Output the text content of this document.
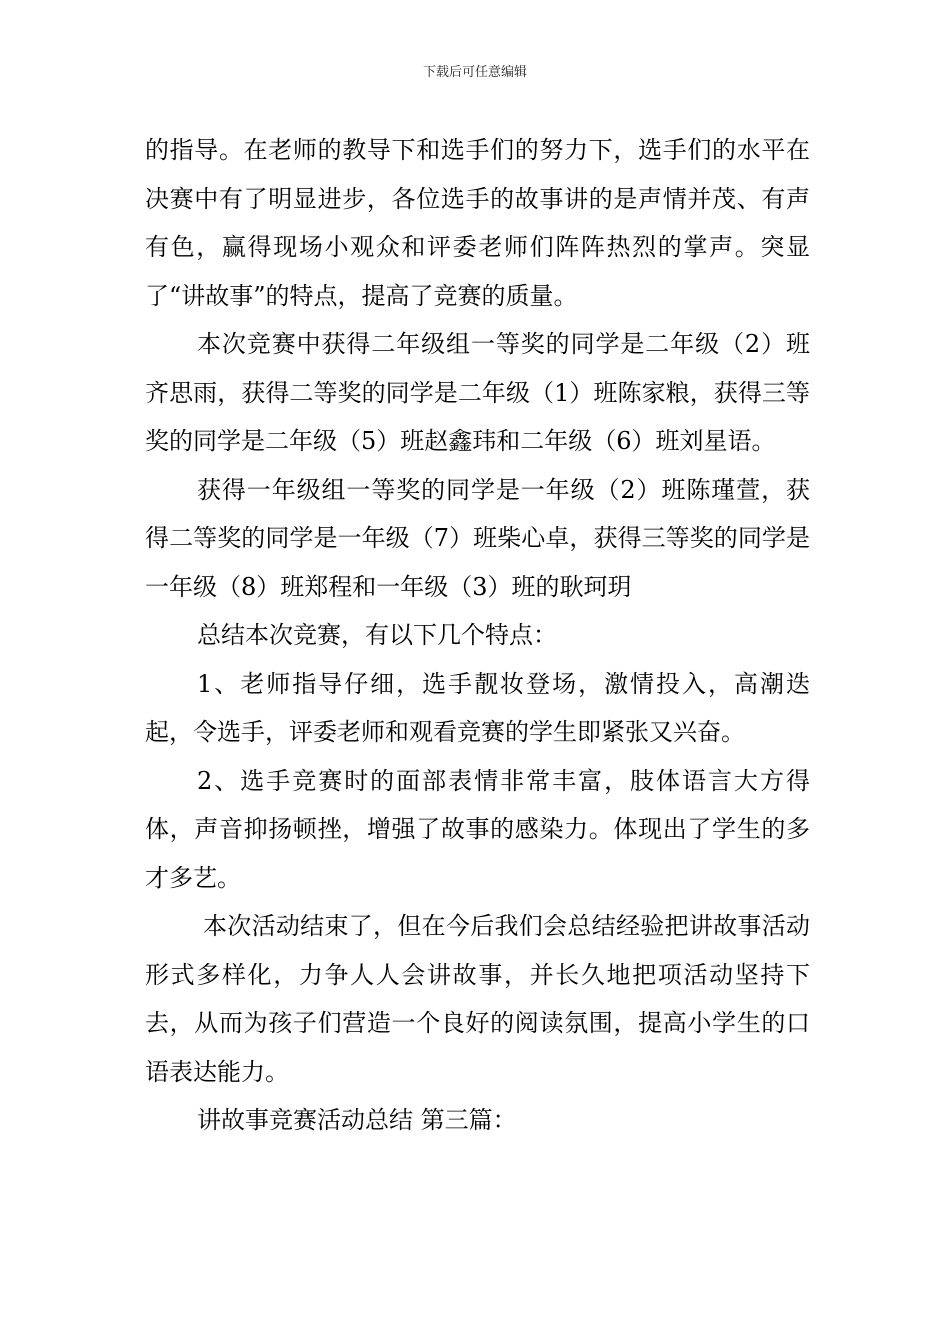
下载后可任意编辑

的指导。在老师的教导下和选手们的努力下，选手们的水平在决赛中有了明显进步，各位选手的故事讲的是声情并茂、有声有色，赢得现场小观众和评委老师们阵阵热烈的掌声。突显了“讲故事”的特点，提高了竞赛的质量。

本次竞赛中获得二年级组一等奖的同学是二年级（2）班齐思雨，获得二等奖的同学是二年级（1）班陈家粮，获得三等奖的同学是二年级（5）班赵鑫玮和二年级（6）班刘星语。

获得一年级组一等奖的同学是一年级（2）班陈瑾萱，获得二等奖的同学是一年级（7）班柴心卓，获得三等奖的同学是一年级（8）班郑程和一年级（3）班的耿珂玥

总结本次竞赛，有以下几个特点：

1、老师指导仔细，选手靓妆登场，激情投入，高潮迭起，令选手，评委老师和观看竞赛的学生即紧张又兴奋。

2、选手竞赛时的面部表情非常丰富，肢体语言大方得体，声音抑扬顿挫，增强了故事的感染力。体现出了学生的多才多艺。

本次活动结束了，但在今后我们会总结经验把讲故事活动形式多样化，力争人人会讲故事，并长久地把项活动坚持下去，从而为孩子们营造一个良好的阅读氛围，提高小学生的口语表达能力。

讲故事竞赛活动总结 第三篇：
